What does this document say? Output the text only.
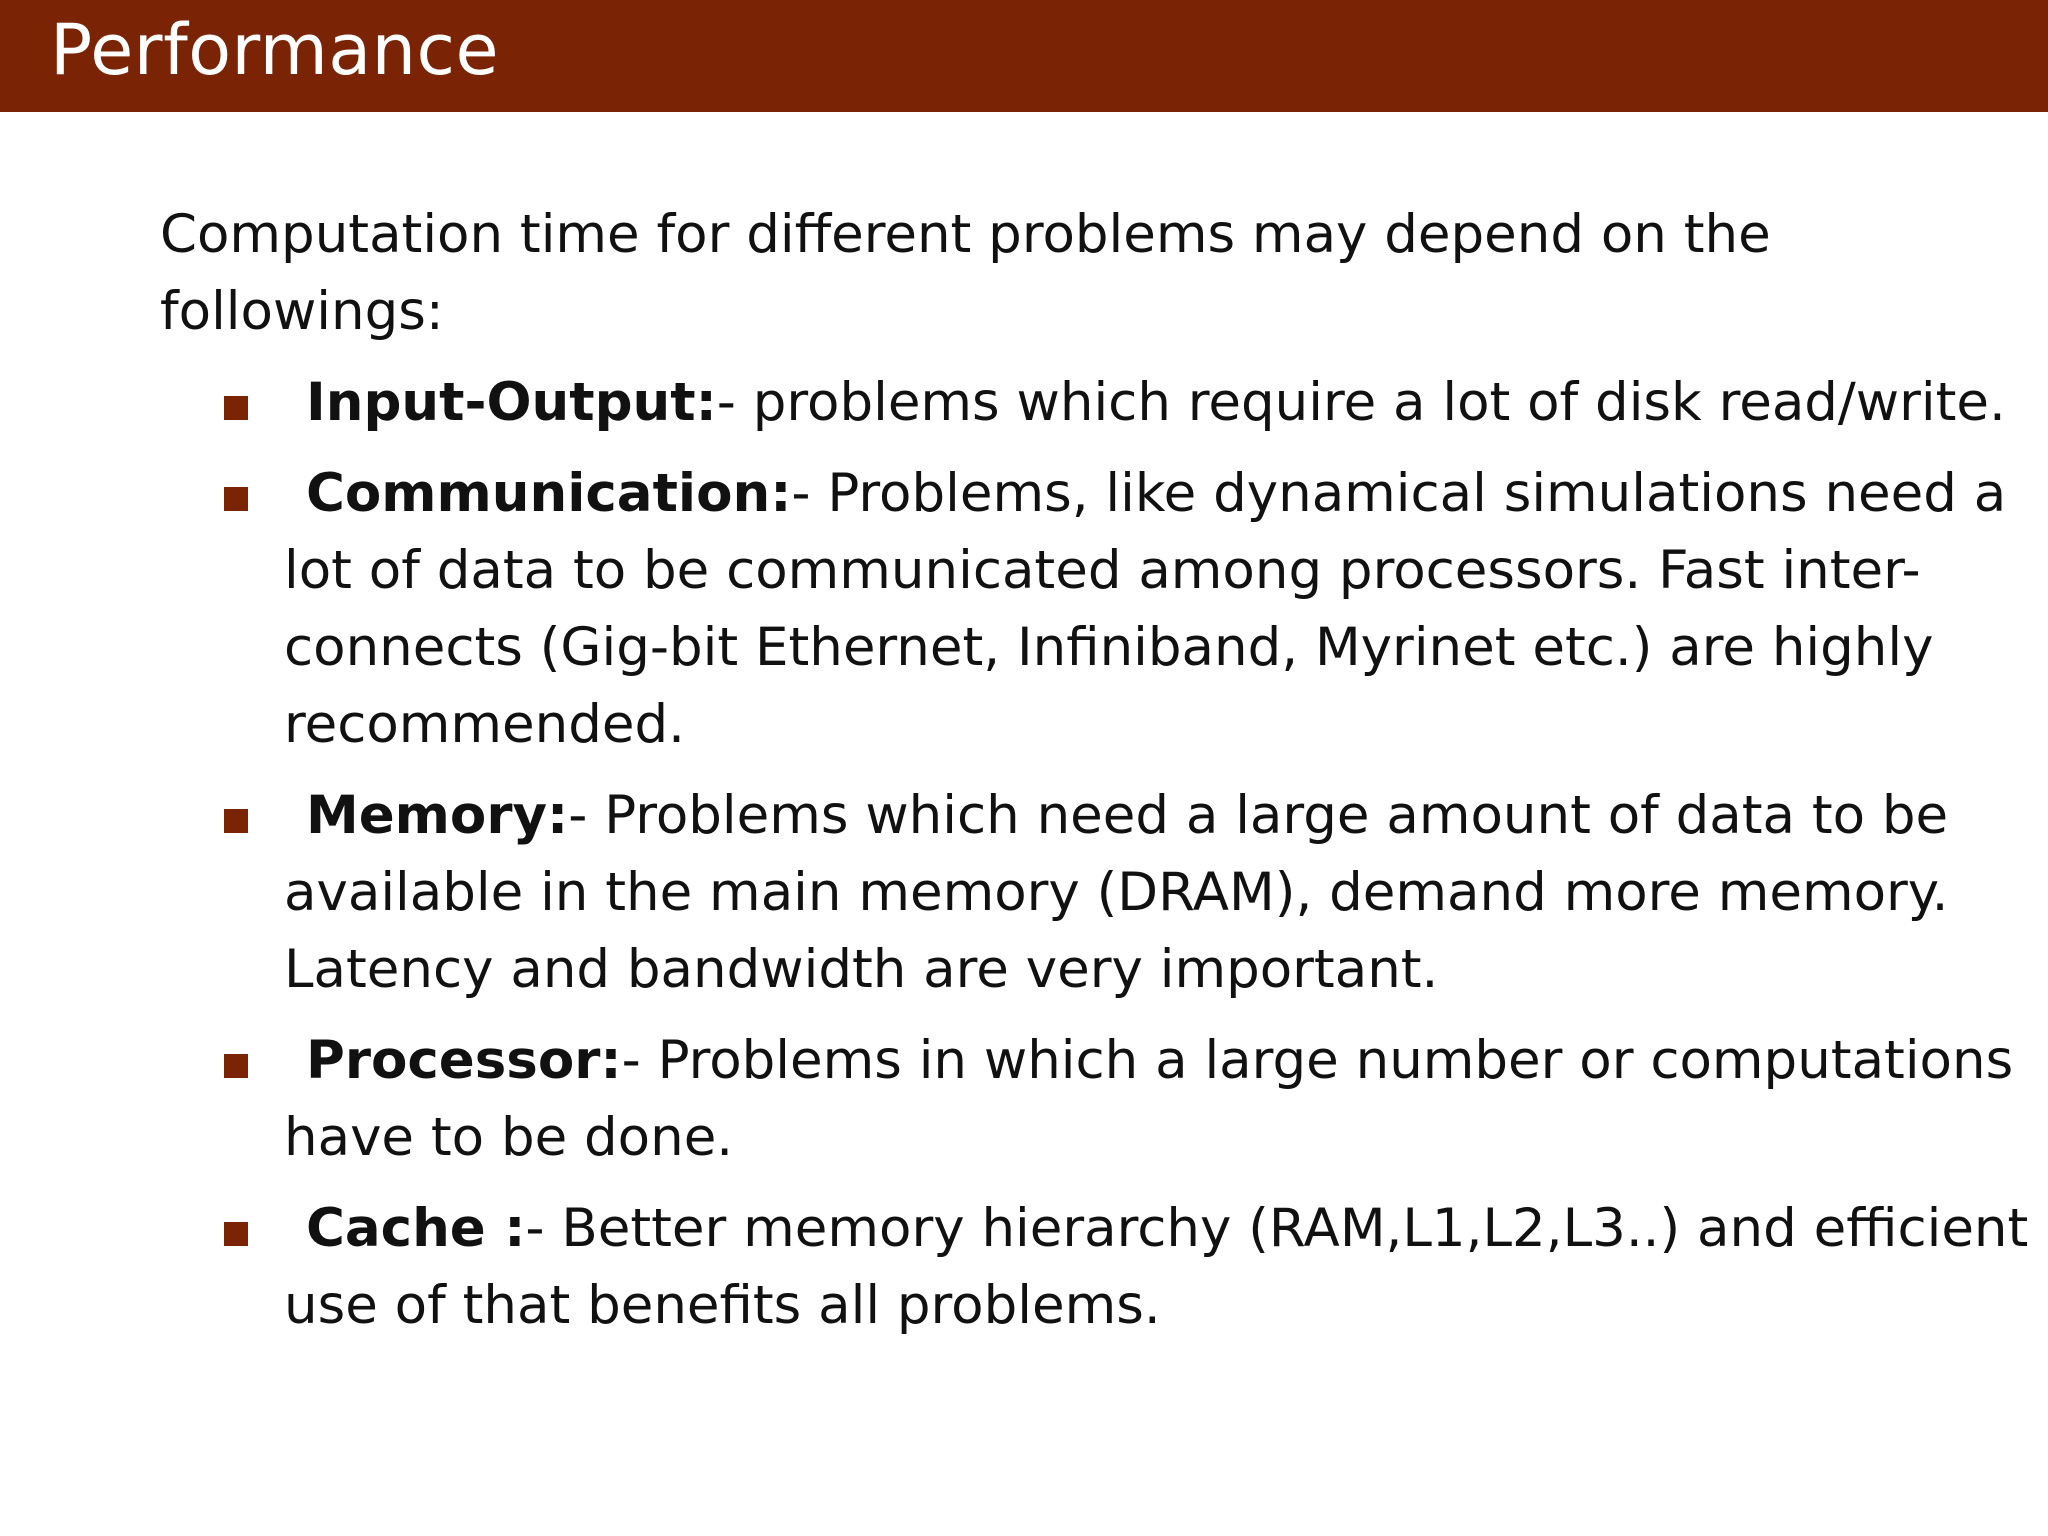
Performance

Computation time for different problems may depend on the followings:

Input-Output:- problems which require a lot of disk read/write.
Communication:- Problems, like dynamical simulations need a lot of data to be communicated among processors. Fast inter-connects (Gig-bit Ethernet, Infiniband, Myrinet etc.) are highly recommended.
Memory:- Problems which need a large amount of data to be available in the main memory (DRAM), demand more memory. Latency and bandwidth are very important.
Processor:- Problems in which a large number or computations have to be done.
Cache :- Better memory hierarchy (RAM,L1,L2,L3..) and efficient use of that benefits all problems.
